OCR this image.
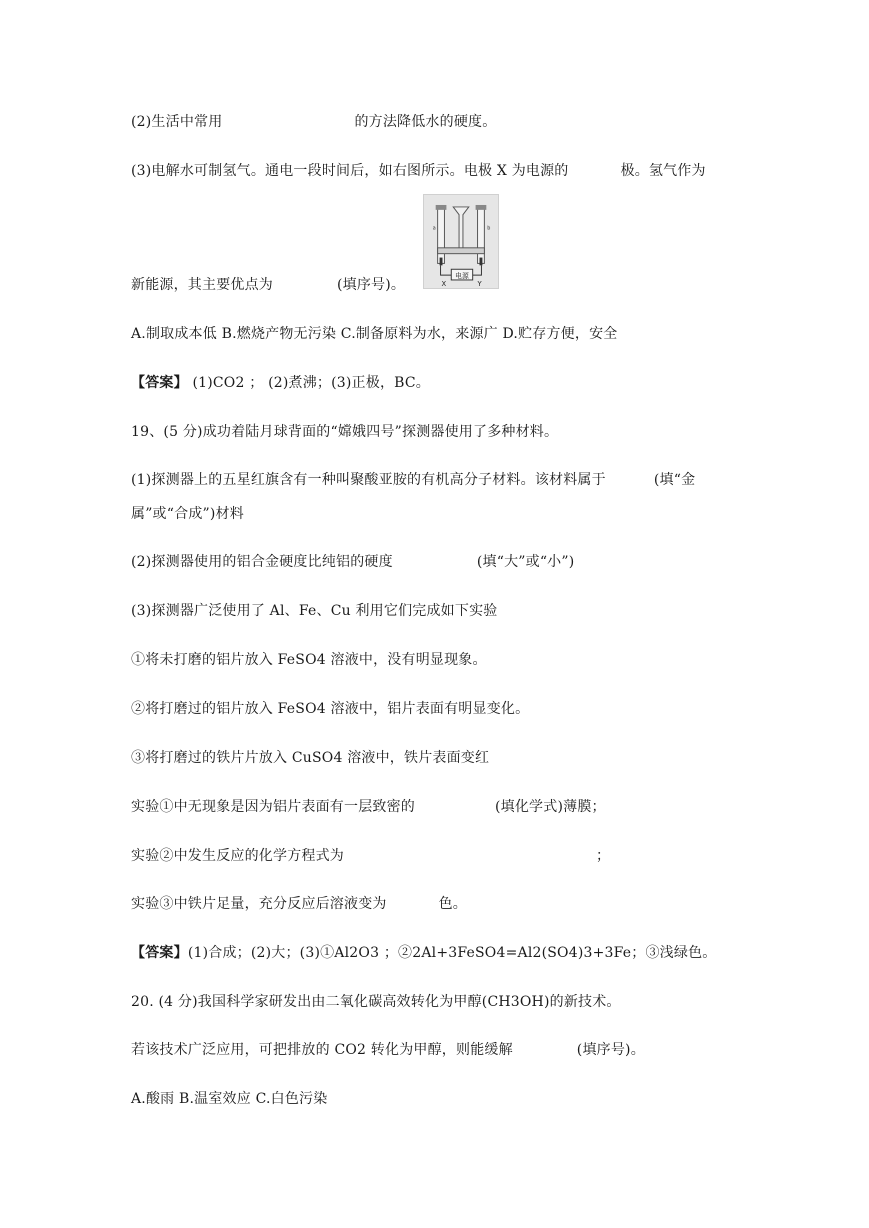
(2)生活中常用	的方法降低水的硬度。
(3)电解水可制氢气。通电一段时间后，如右图所示。电极 X 为电源的	极。氢气作为
电源
a	b
X	Y
新能源，其主要优点为	(填序号)。
A.制取成本低 B.燃烧产物无污染 C.制备原料为水，来源广 D.贮存方便，安全
【答案】 (1)CO2 ； (2)煮沸；(3)正极，BC。
19、(5 分)成功着陆月球背面的“嫦娥四号”探测器使用了多种材料。
(1)探测器上的五星红旗含有一种叫聚酸亚胺的有机高分子材料。该材料属于	(填“金
属”或“合成”)材料
(2)探测器使用的铝合金硬度比纯铝的硬度	(填“大”或“小”)
(3)探测器广泛使用了 Al、Fe、Cu 利用它们完成如下实验
①将未打磨的铝片放入 FeSO4 溶液中，没有明显现象。
②将打磨过的铝片放入 FeSO4 溶液中，铝片表面有明显变化。
③将打磨过的铁片片放入 CuSO4 溶液中，铁片表面变红
实验①中无现象是因为铝片表面有一层致密的	(填化学式)薄膜；
实验②中发生反应的化学方程式为	；
实验③中铁片足量，充分反应后溶液变为	色。
【答案】(1)合成；(2)大；(3)①Al2O3 ；②2Al+3FeSO4=Al2(SO4)3+3Fe；③浅绿色。
20. (4 分)我国科学家研发出由二氧化碳高效转化为甲醇(CH3OH)的新技术。
若该技术广泛应用，可把排放的 CO2 转化为甲醇，则能缓解	(填序号)。
A.酸雨 B.温室效应 C.白色污染
